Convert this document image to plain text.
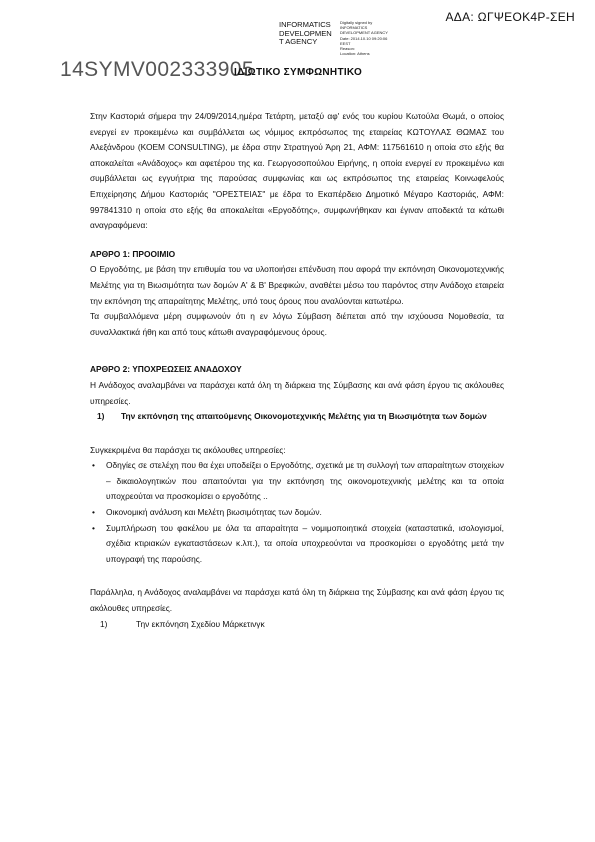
ΑΔΑ: ΩΓΨΕΟΚ4Ρ-ΣΕΗ
INFORMATICS DEVELOPMEN T AGENCY
Digitally signed by
INFORMATICS
DEVELOPMENT AGENCY
Date: 2014.10.10 09:20:06
EEST
Reason:
Location: Athens
14SYMV002333905
ΙΔΙΩΤΙΚΟ ΣΥΜΦΩΝΗΤΙΚΟ

Στην Καστοριά σήμερα την 24/09/2014,ημέρα Τετάρτη, μεταξύ αφ' ενός του κυρίου Κωτούλα Θωμά, ο οποίος ενεργεί εν προκειμένω και συμβάλλεται ως νόμιμος εκπρόσωπος της εταιρείας ΚΩΤΟΥΛΑΣ ΘΩΜΑΣ του Αλεξάνδρου (ΚΟΕΜ CONSULTING), με έδρα στην Στρατηγού Άρη 21, ΑΦΜ: 117561610 η οποία στο εξής θα αποκαλείται «Ανάδοχος» και αφετέρου της κα. Γεωργοσοπούλου Ειρήνης, η οποία ενεργεί εν προκειμένω και συμβάλλεται ως εγγυήτρια της παρούσας συμφωνίας και ως εκπρόσωπος της εταιρείας Κοινωφελούς Επιχείρησης Δήμου Καστοριάς "ΟΡΕΣΤΕΙΑΣ" με έδρα το Εκαπέρδειο Δημοτικό Μέγαρο Καστοριάς, ΑΦΜ: 997841310 η οποία στο εξής θα αποκαλείται «Εργοδότης», συμφωνήθηκαν και έγιναν αποδεκτά τα κάτωθι αναγραφόμενα:

ΑΡΘΡΟ 1: ΠΡΟΟΙΜΙΟ

Ο Εργοδότης, με βάση την επιθυμία του να υλοποιήσει επένδυση που αφορά την εκπόνηση Οικονομοτεχνικής Μελέτης για τη Βιωσιμότητα των δομών Α' & Β' Βρεφικών, αναθέτει μέσω του παρόντος στην Ανάδοχο εταιρεία την εκπόνηση της απαραίτητης Μελέτης, υπό τους όρους που αναλύονται κατωτέρω.

Τα συμβαλλόμενα μέρη συμφωνούν ότι η εν λόγω Σύμβαση διέπεται από την ισχύουσα Νομοθεσία, τα συναλλακτικά ήθη και από τους κάτωθι αναγραφόμενους όρους.

ΑΡΘΡΟ 2: ΥΠΟΧΡΕΩΣΕΙΣ ΑΝΑΔΟΧΟΥ

Η Ανάδοχος αναλαμβάνει να παράσχει κατά όλη τη διάρκεια της Σύμβασης και ανά φάση έργου τις ακόλουθες υπηρεσίες.

1)	Την εκπόνηση της απαιτούμενης Οικονομοτεχνικής Μελέτης για τη Βιωσιμότητα των δομών

Συγκεκριμένα θα παράσχει τις ακόλουθες υπηρεσίες:

• Οδηγίες σε στελέχη που θα έχει υποδείξει ο Εργοδότης, σχετικά με τη συλλογή των απαραίτητων στοιχείων – δικαιολογητικών που απαιτούνται για την εκπόνηση της οικονομοτεχνικής μελέτης και τα οποία υποχρεούται να προσκομίσει ο εργοδότης ..
• Οικονομική ανάλυση και Μελέτη βιωσιμότητας των δομών.
• Συμπλήρωση του φακέλου με όλα τα απαραίτητα – νομιμοποιητικά στοιχεία (καταστατικά, ισολογισμοί, σχέδια κτιριακών εγκαταστάσεων κ.λπ.), τα οποία υποχρεούνται να προσκομίσει ο εργοδότης μετά την υπογραφή της παρούσης.

Παράλληλα, η Ανάδοχος αναλαμβάνει να παράσχει κατά όλη τη διάρκεια της Σύμβασης και ανά φάση έργου τις ακόλουθες υπηρεσίες.

1)	Την εκπόνηση Σχεδίου Μάρκετινγκ
